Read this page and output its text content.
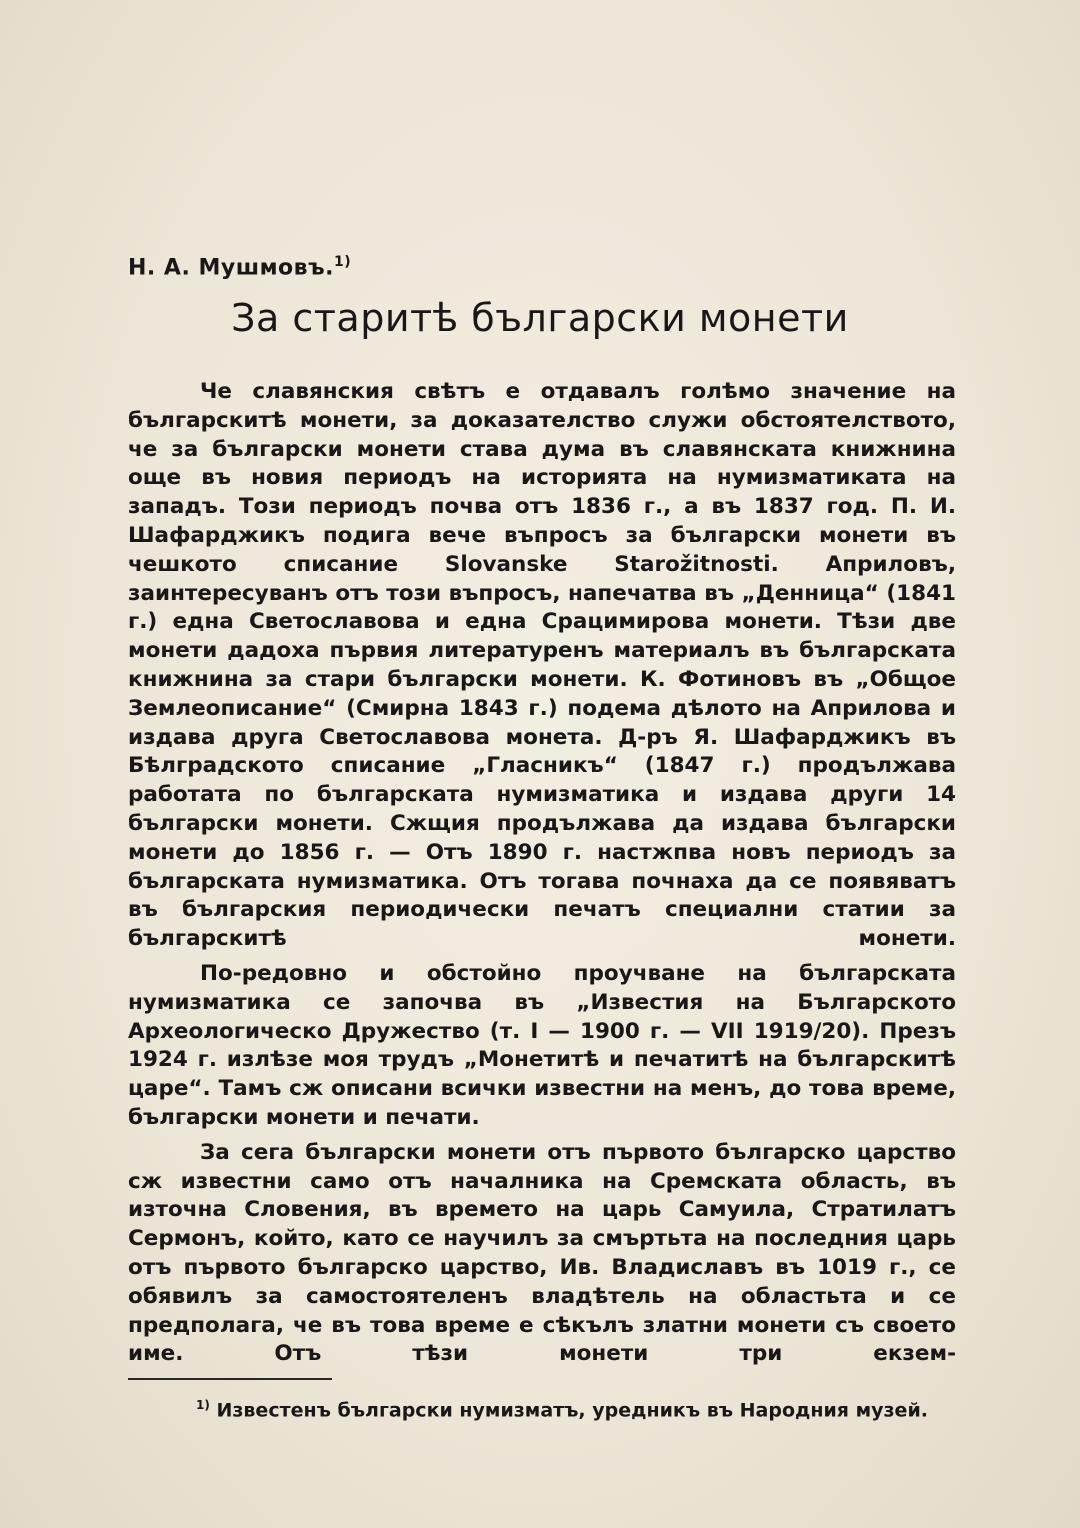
Н. А. Мушмовъ.$^{1)}$

За старитѣ български монети

Че славянския свѣтъ е отдавалъ голѣмо значение на българскитѣ монети, за доказателство служи обстоятелството, че за български монети става дума въ славянската книжнина още въ новия периодъ на историята на нумизматиката на западъ. Този периодъ почва отъ 1836 г., а въ 1837 год. П. И. Шафарджикъ подига вече въпросъ за български монети въ чешкото списание Slovanske Starožitnosti. Априловъ, заинтересуванъ отъ този въпросъ, напечатва въ „Денница“ (1841 г.) една Светославова и една Срацимирова монети. Тѣзи две монети дадоха първия литературенъ материалъ въ българската книжнина за стари български монети. К. Фотиновъ въ „Общое Землеописание“ (Смирна 1843 г.) подема дѣлото на Априлова и издава друга Светославова монета. Д-ръ Я. Шафарджикъ въ Бѣлградското списание „Гласникъ“ (1847 г.) продължава работата по българската нумизматика и издава други 14 български монети. Сжщия продължава да издава български монети до 1856 г. — Отъ 1890 г. настжпва новъ периодъ за българската нумизматика. Отъ тогава почнаха да се появяватъ въ българския периодически печатъ специални статии за българскитѣ монети.

По-редовно и обстойно проучване на българската нумизматика се започва въ „Известия на Българското Археологическо Дружество (т. I — 1900 г. — VII 1919/20). Презъ 1924 г. излѣзе моя трудъ „Монетитѣ и печатитѣ на българскитѣ царе“. Тамъ сж описани всички известни на менъ, до това време, български монети и печати.

За сега български монети отъ първото българско царство сж известни само отъ началника на Сремската область, въ източна Словения, въ времето на царь Самуила, Стратилатъ Сермонъ, който, като се научилъ за смъртьта на последния царь отъ първото българско царство, Ив. Владиславъ въ 1019 г., се обявилъ за самостоятеленъ владѣтель на областьта и се предполага, че въ това време е сѣкълъ златни монети съ своето име. Отъ тѣзи монети три екзем-

$^{1)}$ Известенъ български нумизматъ, уредникъ въ Народния музей.
